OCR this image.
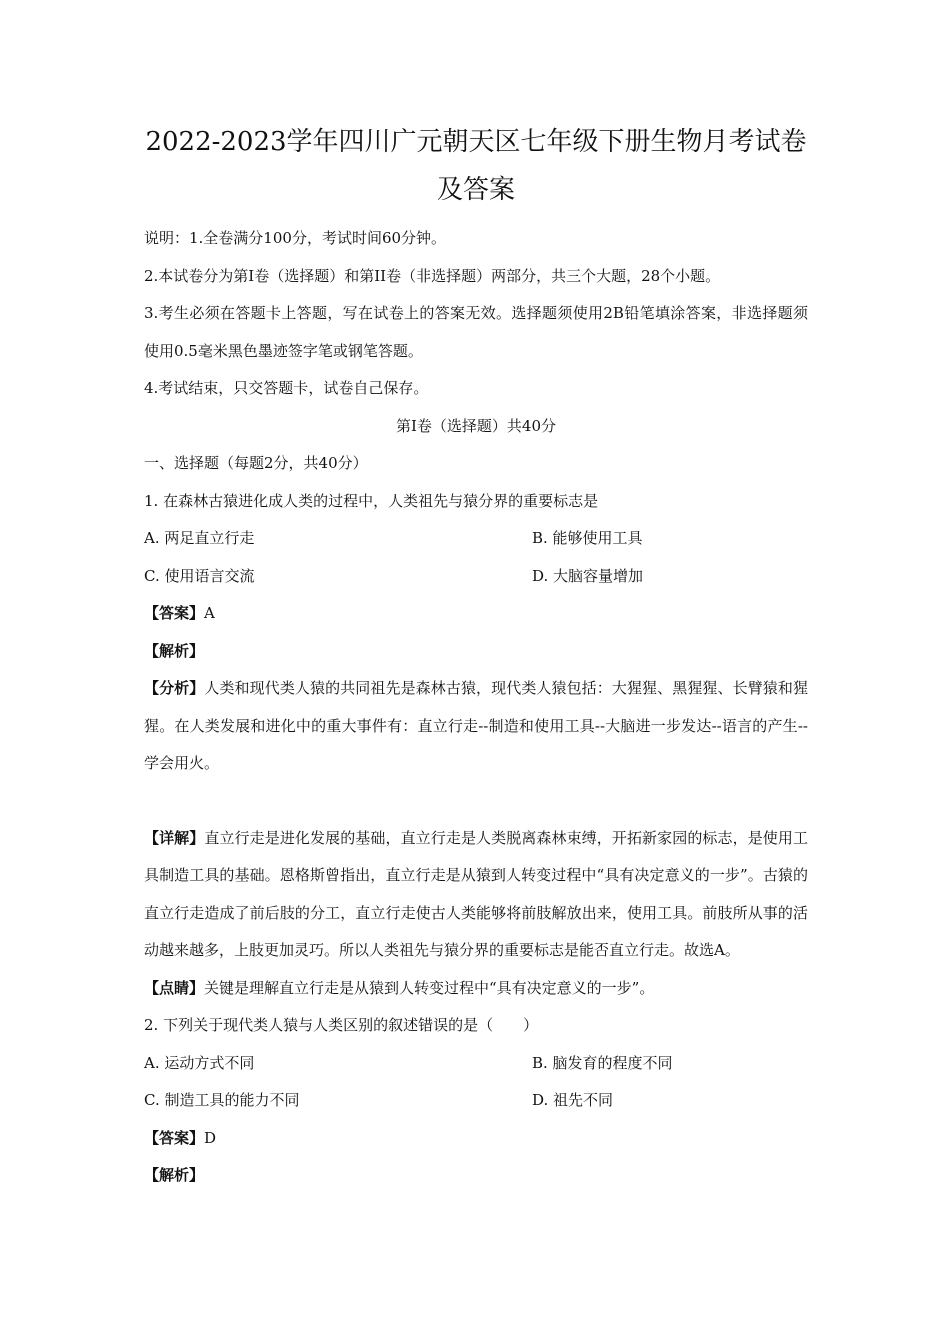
2022-2023学年四川广元朝天区七年级下册生物月考试卷及答案

说明：1.全卷满分100分，考试时间60分钟。

2.本试卷分为第I卷（选择题）和第II卷（非选择题）两部分，共三个大题，28个小题。

3.考生必须在答题卡上答题，写在试卷上的答案无效。选择题须使用2B铅笔填涂答案，非选择题须使用0.5毫米黑色墨迹签字笔或钢笔答题。

4.考试结束，只交答题卡，试卷自己保存。

第I卷（选择题）共40分

一、选择题（每题2分，共40分）

1. 在森林古猿进化成人类的过程中，人类祖先与猿分界的重要标志是

A. 两足直立行走	B. 能够使用工具
C. 使用语言交流	D. 大脑容量增加

【答案】A

【解析】

【分析】人类和现代类人猿的共同祖先是森林古猿，现代类人猿包括：大猩猩、黑猩猩、长臂猿和猩猩。在人类发展和进化中的重大事件有：直立行走--制造和使用工具--大脑进一步发达--语言的产生--学会用火。

【详解】直立行走是进化发展的基础，直立行走是人类脱离森林束缚，开拓新家园的标志，是使用工具制造工具的基础。恩格斯曾指出，直立行走是从猿到人转变过程中“具有决定意义的一步”。古猿的直立行走造成了前后肢的分工，直立行走使古人类能够将前肢解放出来，使用工具。前肢所从事的活动越来越多，上肢更加灵巧。所以人类祖先与猿分界的重要标志是能否直立行走。故选A。

【点睛】关键是理解直立行走是从猿到人转变过程中“具有决定意义的一步”。

2. 下列关于现代类人猿与人类区别的叙述错误的是（　　）

A. 运动方式不同	B. 脑发育的程度不同
C. 制造工具的能力不同	D. 祖先不同

【答案】D

【解析】
